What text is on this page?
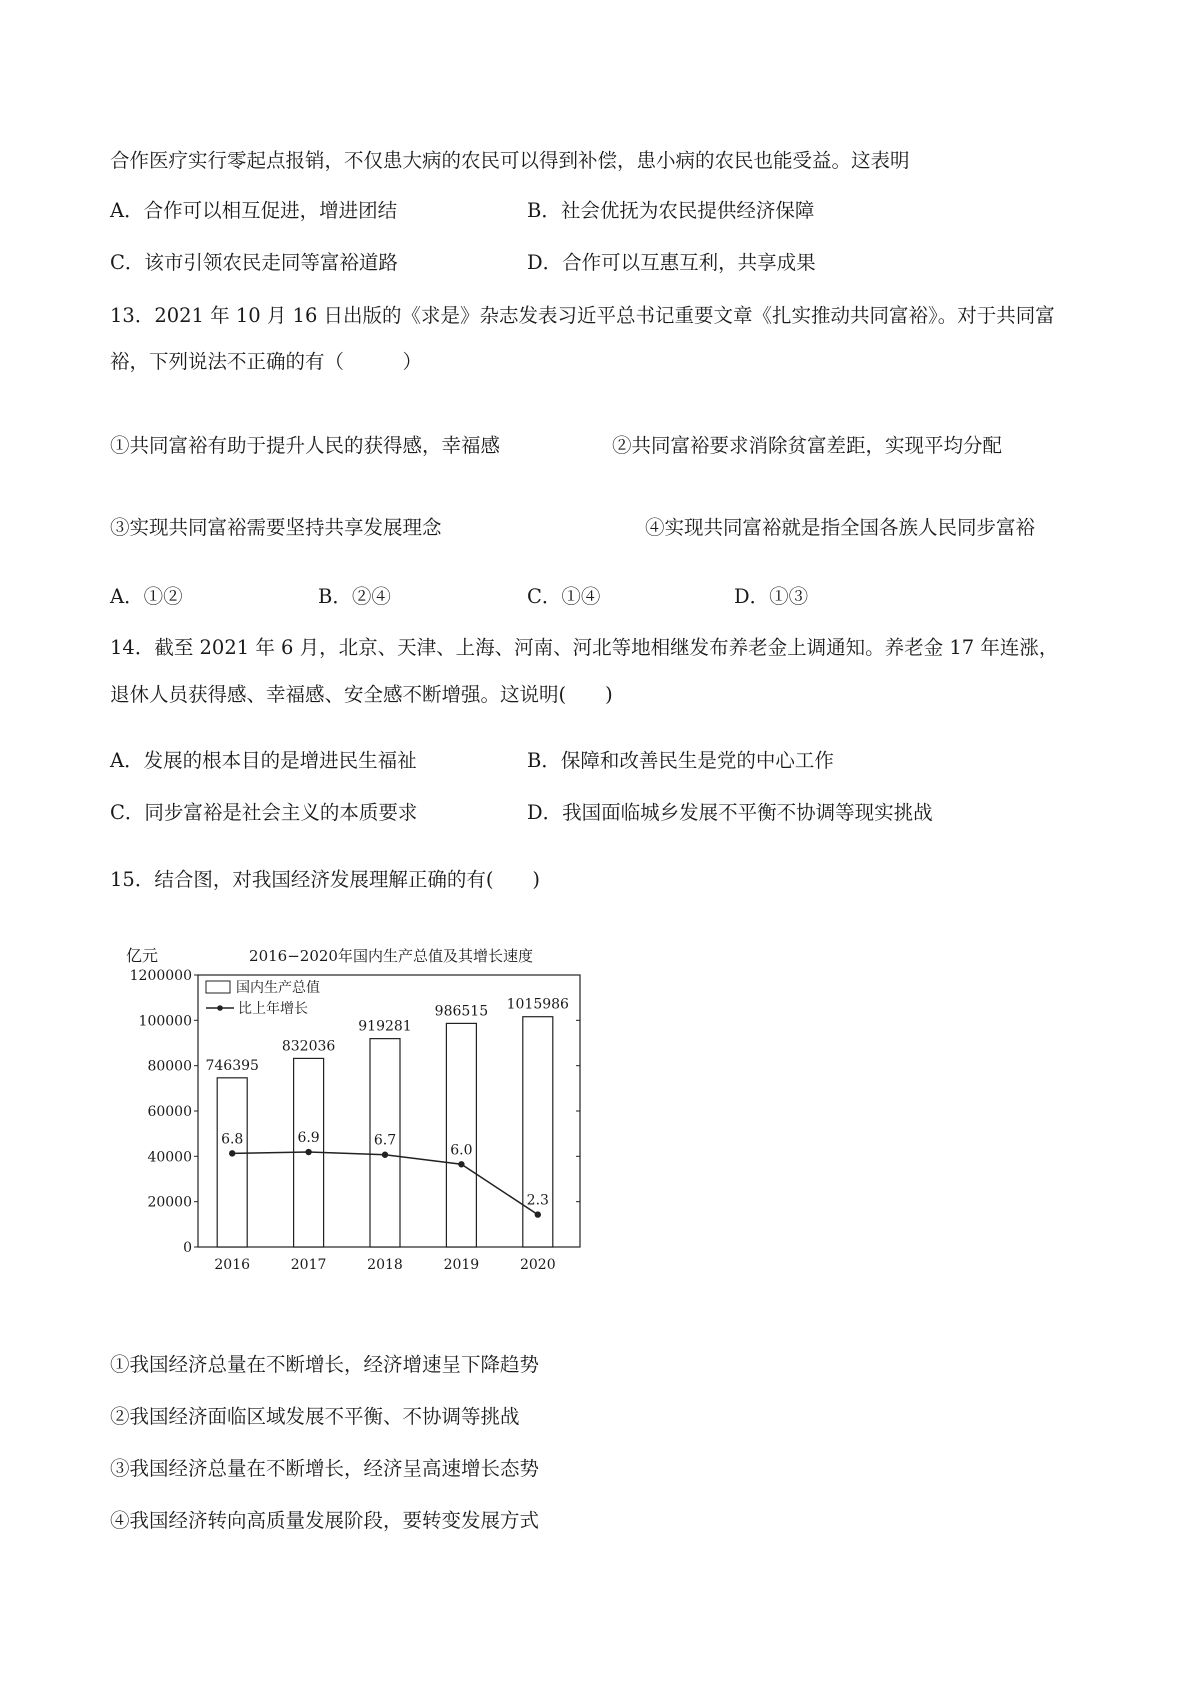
合作医疗实行零起点报销，不仅患大病的农民可以得到补偿，患小病的农民也能受益。这表明
A．合作可以相互促进，增进团结	B．社会优抚为农民提供经济保障
C．该市引领农民走同等富裕道路	D．合作可以互惠互利，共享成果
13．2021 年 10 月 16 日出版的《求是》杂志发表习近平总书记重要文章《扎实推动共同富裕》。对于共同富
裕，下列说法不正确的有（　　　）
①共同富裕有助于提升人民的获得感，幸福感	②共同富裕要求消除贫富差距，实现平均分配
③实现共同富裕需要坚持共享发展理念	④实现共同富裕就是指全国各族人民同步富裕
A．①②	B．②④	C．①④	D．①③
14．截至 2021 年 6 月，北京、天津、上海、河南、河北等地相继发布养老金上调通知。养老金 17 年连涨，
退休人员获得感、幸福感、安全感不断增强。这说明(　　)
A．发展的根本目的是增进民生福祉	B．保障和改善民生是党的中心工作
C．同步富裕是社会主义的本质要求	D．我国面临城乡发展不平衡不协调等现实挑战
15．结合图，对我国经济发展理解正确的有(　　)
2016−2020年国内生产总值及其增长速度
亿元
0
20000
40000
60000
80000
100000
1200000
2016	2017	2018	2019	2020
746395
832036
919281
986515 1015986
6.8	6.9	6.7
6.0
2.3
国内生产总值
比上年增长
①我国经济总量在不断增长，经济增速呈下降趋势
②我国经济面临区域发展不平衡、不协调等挑战
③我国经济总量在不断增长，经济呈高速增长态势
④我国经济转向高质量发展阶段，要转变发展方式
